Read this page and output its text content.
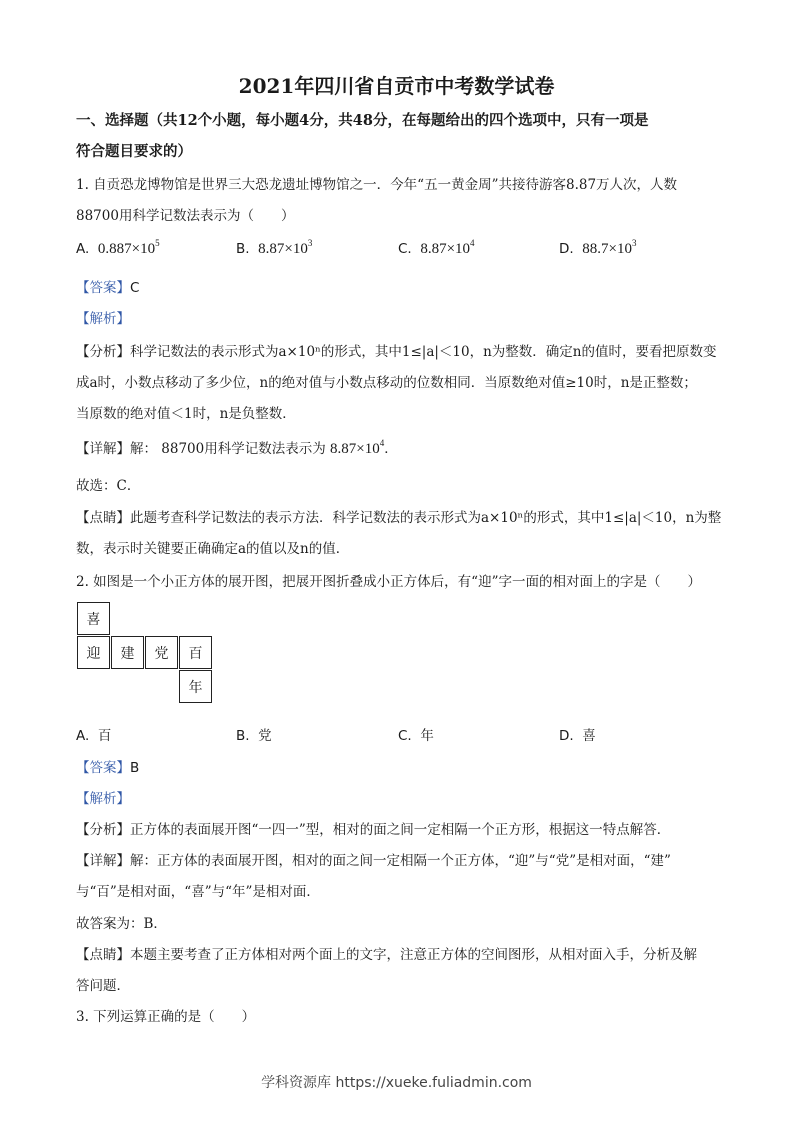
2021年四川省自贡市中考数学试卷
一、选择题（共12个小题，每小题4分，共48分，在每题给出的四个选项中，只有一项是
符合题目要求的）
1. 自贡恐龙博物馆是世界三大恐龙遗址博物馆之一．今年“五一黄金周”共接待游客8.87万人次，人数
88700用科学记数法表示为（　　）
A. $0.887\times 10^5$	B. $8.87\times 10^3$	C. $8.87\times 10^4$	D. $88.7\times 10^3$
【答案】C
【解析】
【分析】科学记数法的表示形式为a×10ⁿ的形式，其中1≤|a|＜10，n为整数．确定n的值时，要看把原数变
成a时，小数点移动了多少位，n的绝对值与小数点移动的位数相同．当原数绝对值≥10时，n是正整数；
当原数的绝对值＜1时，n是负整数．
【详解】解： 88700用科学记数法表示为 $8.87\times 10^4$．
故选：C．
【点睛】此题考查科学记数法的表示方法．科学记数法的表示形式为a×10ⁿ的形式，其中1≤|a|＜10，n为整
数，表示时关键要正确确定a的值以及n的值．
2. 如图是一个小正方体的展开图，把展开图折叠成小正方体后，有“迎”字一面的相对面上的字是（　　）
喜
迎	建	党	百
年
A. 百	B. 党	C. 年	D. 喜
【答案】B
【解析】
【分析】正方体的表面展开图“一四一”型，相对的面之间一定相隔一个正方形，根据这一特点解答．
【详解】解：正方体的表面展开图，相对的面之间一定相隔一个正方体，“迎”与“党”是相对面，“建”
与“百”是相对面，“喜”与“年”是相对面．
故答案为：B．
【点睛】本题主要考查了正方体相对两个面上的文字，注意正方体的空间图形，从相对面入手，分析及解
答问题．
3. 下列运算正确的是（　　）
学科资源库 https://xueke.fuliadmin.com
